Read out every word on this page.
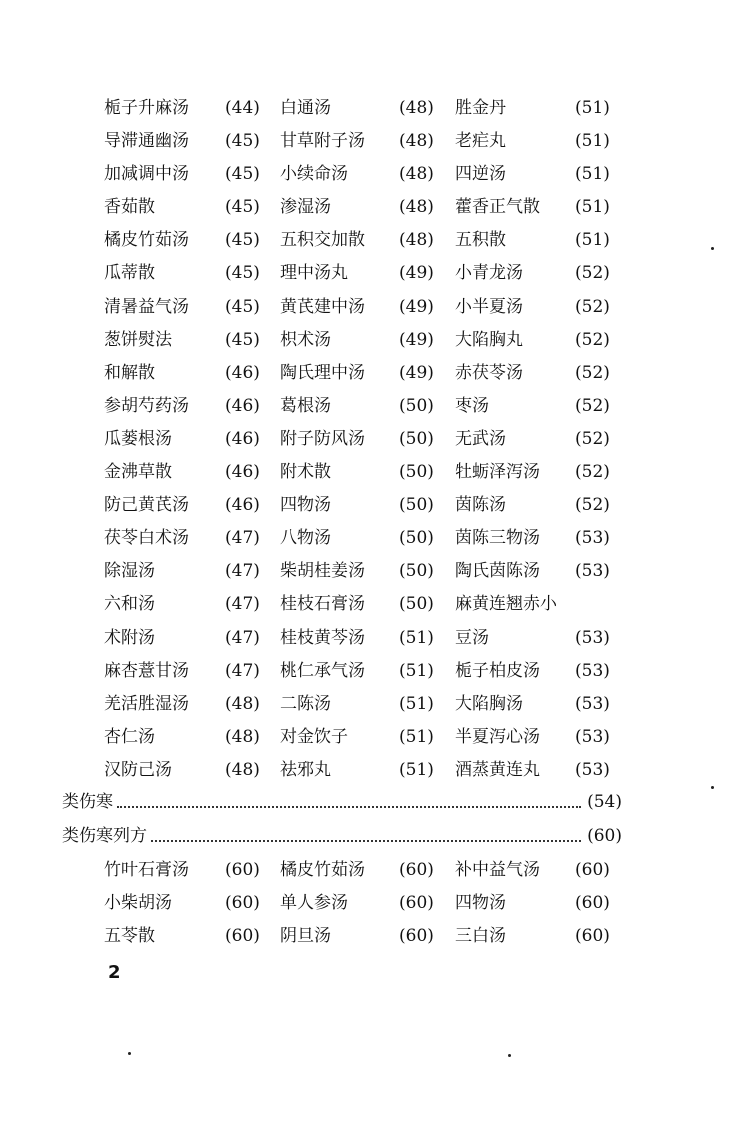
栀子升麻汤 (44) 白通汤	(48) 胜金丹	(51)
导滞通幽汤 (45) 甘草附子汤 (48) 老疟丸	(51)
加减调中汤 (45) 小续命汤	(48) 四逆汤	(51)
香茹散	(45) 渗湿汤	(48) 藿香正气散 (51)
橘皮竹茹汤 (45) 五积交加散 (48) 五积散	(51)
瓜蒂散	(45) 理中汤丸	(49) 小青龙汤	(52)
清暑益气汤 (45) 黄芪建中汤 (49) 小半夏汤	(52)
葱饼熨法	(45) 枳术汤	(49) 大陷胸丸	(52)
和解散	(46) 陶氏理中汤 (49) 赤茯苓汤	(52)
参胡芍药汤 (46) 葛根汤	(50) 枣汤	(52)
瓜蒌根汤	(46) 附子防风汤 (50) 无武汤	(52)
金沸草散	(46) 附术散	(50) 牡蛎泽泻汤 (52)
防己黄芪汤 (46) 四物汤	(50) 茵陈汤	(52)
茯苓白术汤 (47) 八物汤	(50) 茵陈三物汤 (53)
除湿汤	(47) 柴胡桂姜汤 (50) 陶氏茵陈汤 (53)
六和汤	(47) 桂枝石膏汤 (50) 麻黄连翘赤小
术附汤	(47) 桂枝黄芩汤 (51) 豆汤	(53)
麻杏薏甘汤 (47) 桃仁承气汤 (51) 栀子柏皮汤 (53)
羌活胜湿汤 (48) 二陈汤	(51) 大陷胸汤	(53)
杏仁汤	(48) 对金饮子	(51) 半夏泻心汤 (53)
汉防己汤	(48) 祛邪丸	(51) 酒蒸黄连丸 (53)
类伤寒	(54)
类伤寒列方	(60)
竹叶石膏汤 (60) 橘皮竹茹汤 (60) 补中益气汤 (60)
小柴胡汤	(60) 单人参汤	(60) 四物汤	(60)
五苓散	(60) 阴旦汤	(60) 三白汤	(60)
2
